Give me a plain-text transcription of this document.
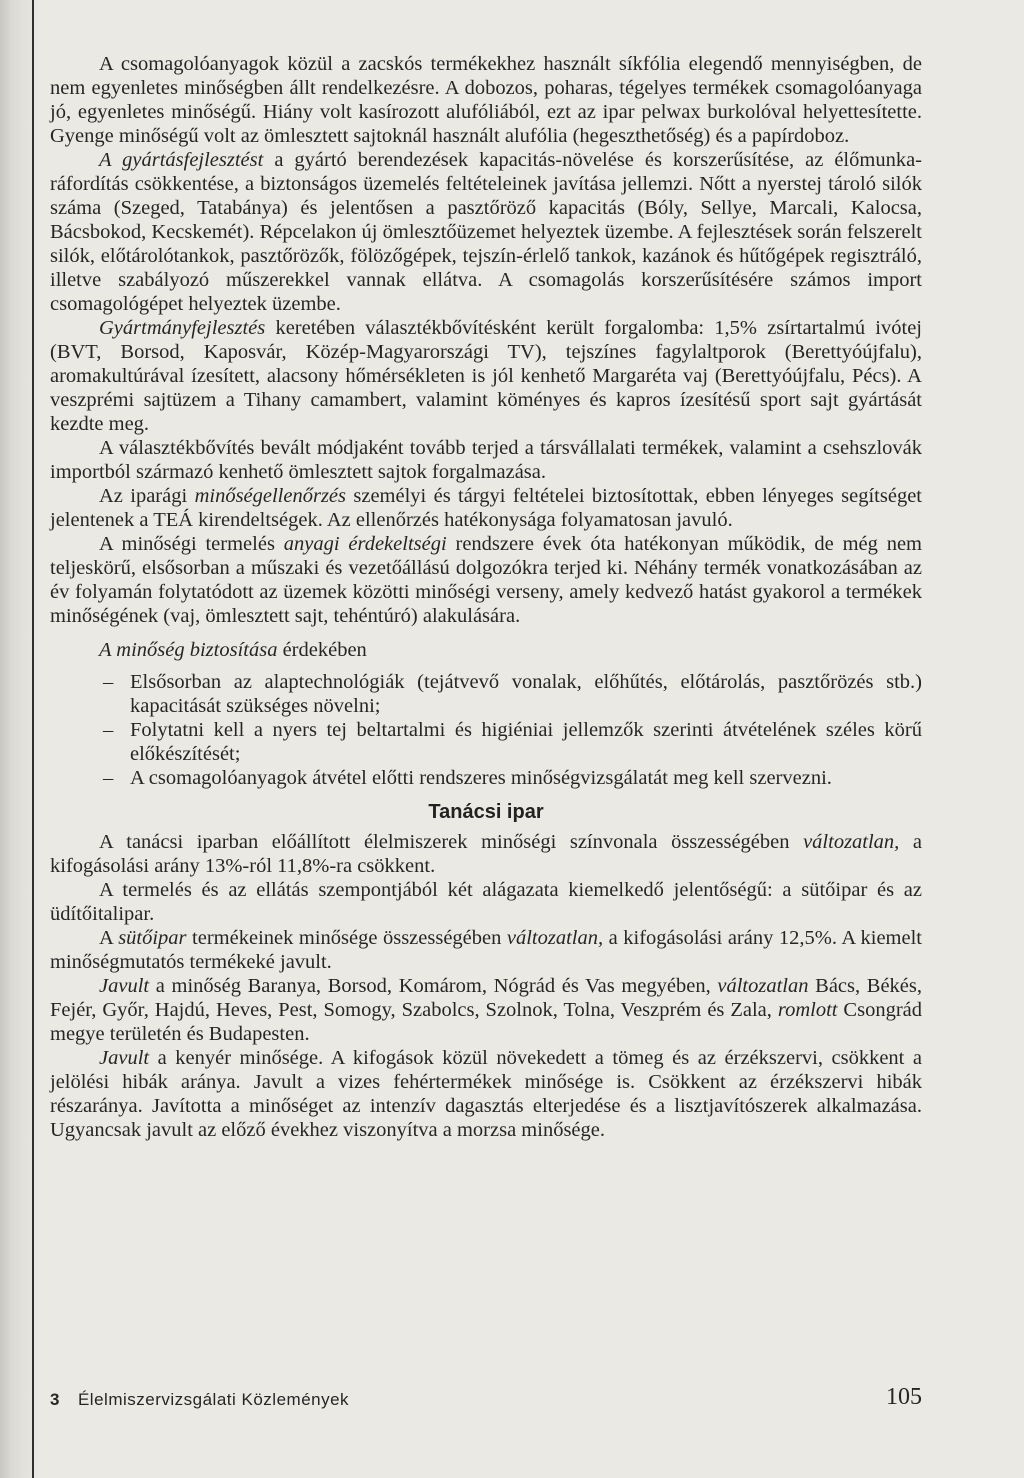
A csomagolóanyagok közül a zacskós termékekhez használt síkfólia elegendő mennyiségben, de nem egyenletes minőségben állt rendelkezésre. A dobozos, poharas, tégelyes termékek csomagolóanyaga jó, egyenletes minőségű. Hiány volt kasírozott alufóliából, ezt az ipar pelwax burkolóval helyettesítette. Gyenge minőségű volt az ömlesztett sajtoknál használt alufólia (hegeszthetőség) és a papírdoboz.

A gyártásfejlesztést a gyártó berendezések kapacitás-növelése és korszerűsítése, az élőmunka-ráfordítás csökkentése, a biztonságos üzemelés feltételeinek javítása jellemzi. Nőtt a nyerstej tároló silók száma (Szeged, Tatabánya) és jelentősen a pasztőröző kapacitás (Bóly, Sellye, Marcali, Kalocsa, Bácsbokod, Kecskemét). Répcelakon új ömlesztőüzemet helyeztek üzembe. A fejlesztések során felszerelt silók, előtárolótankok, pasztőrözők, fölözőgépek, tejszín-érlelő tankok, kazánok és hűtőgépek regisztráló, illetve szabályozó műszerekkel vannak ellátva. A csomagolás korszerűsítésére számos import csomagológépet helyeztek üzembe.

Gyártmányfejlesztés keretében választékbővítésként került forgalomba: 1,5% zsírtartalmú ivótej (BVT, Borsod, Kaposvár, Közép-Magyarországi TV), tejszínes fagylaltporok (Berettyóújfalu), aromakultúrával ízesített, alacsony hőmérsékleten is jól kenhető Margaréta vaj (Berettyóújfalu, Pécs). A veszprémi sajtüzem a Tihany camambert, valamint köményes és kapros ízesítésű sport sajt gyártását kezdte meg.

A választékbővítés bevált módjaként tovább terjed a társvállalati termékek, valamint a csehszlovák importból származó kenhető ömlesztett sajtok forgalmazása.

Az iparági minőségellenőrzés személyi és tárgyi feltételei biztosítottak, ebben lényeges segítséget jelentenek a TEÁ kirendeltségek. Az ellenőrzés hatékonysága folyamatosan javuló.

A minőségi termelés anyagi érdekeltségi rendszere évek óta hatékonyan működik, de még nem teljeskörű, elsősorban a műszaki és vezetőállású dolgozókra terjed ki. Néhány termék vonatkozásában az év folyamán folytatódott az üzemek közötti minőségi verseny, amely kedvező hatást gyakorol a termékek minőségének (vaj, ömlesztett sajt, tehéntúró) alakulására.

A minőség biztosítása érdekében

– Elsősorban az alaptechnológiák (tejátvevő vonalak, előhűtés, előtárolás, pasztőrözés stb.) kapacitását szükséges növelni;
– Folytatni kell a nyers tej beltartalmi és higiéniai jellemzők szerinti átvételének széles körű előkészítését;
– A csomagolóanyagok átvétel előtti rendszeres minőségvizsgálatát meg kell szervezni.
Tanácsi ipar

A tanácsi iparban előállított élelmiszerek minőségi színvonala összességében változatlan, a kifogásolási arány 13%-ról 11,8%-ra csökkent.

A termelés és az ellátás szempontjából két alágazata kiemelkedő jelentőségű: a sütőipar és az üdítőitalipar.

A sütőipar termékeinek minősége összességében változatlan, a kifogásolási arány 12,5%. A kiemelt minőségmutatós termékeké javult.

Javult a minőség Baranya, Borsod, Komárom, Nógrád és Vas megyében, változatlan Bács, Békés, Fejér, Győr, Hajdú, Heves, Pest, Somogy, Szabolcs, Szolnok, Tolna, Veszprém és Zala, romlott Csongrád megye területén és Budapesten.

Javult a kenyér minősége. A kifogások közül növekedett a tömeg és az érzékszervi, csökkent a jelölési hibák aránya. Javult a vizes fehértermékek minősége is. Csökkent az érzékszervi hibák részaránya. Javította a minőséget az intenzív dagasztás elterjedése és a lisztjavítószerek alkalmazása. Ugyancsak javult az előző évekhez viszonyítva a morzsa minősége.

3 Élelmiszervizsgálati Közlemények	105
